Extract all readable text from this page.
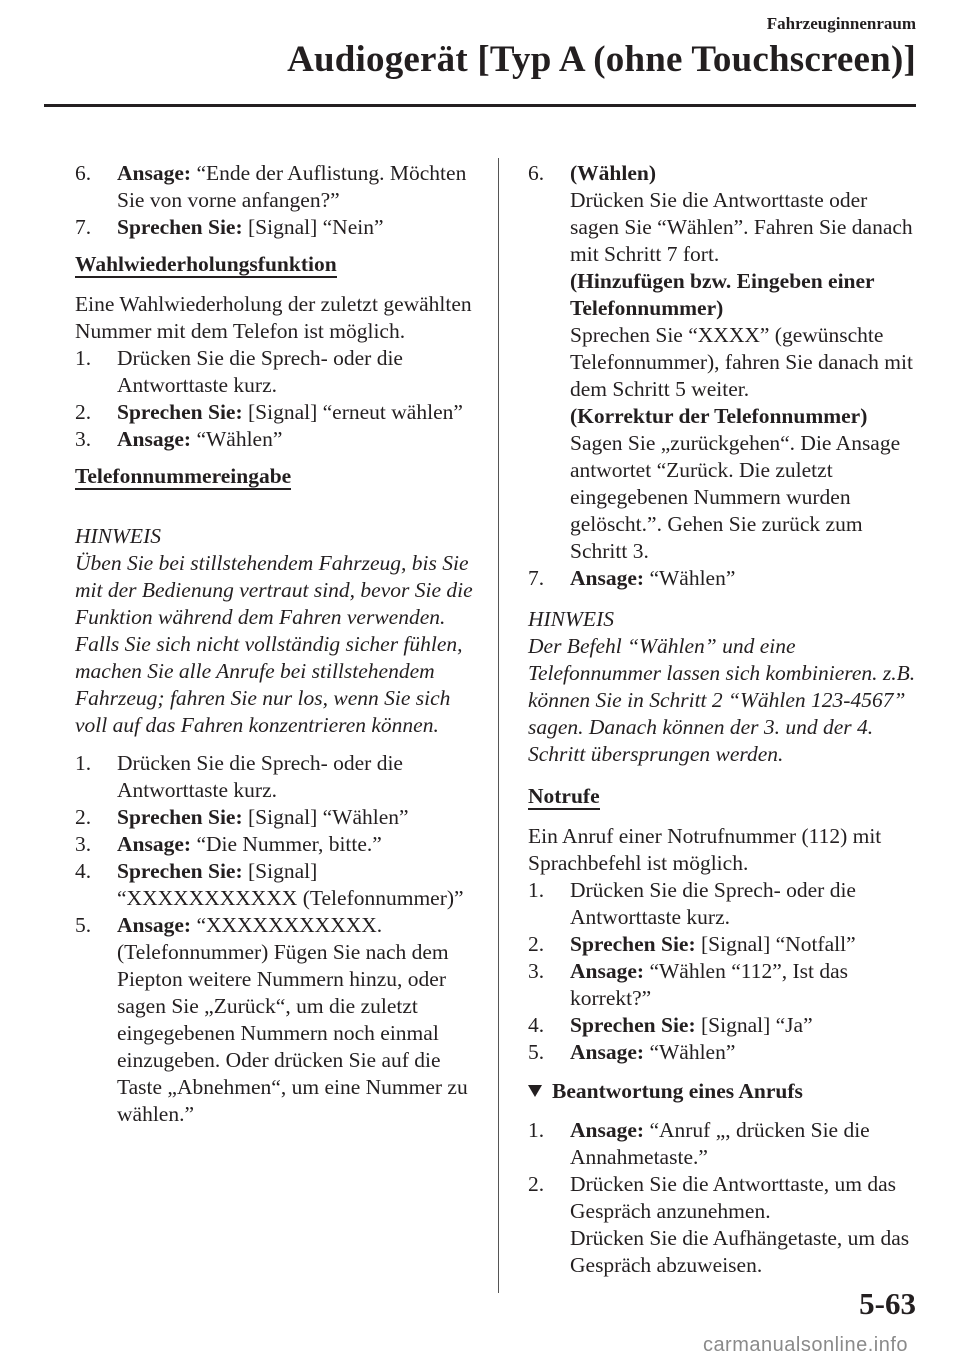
Fahrzeuginnenraum
Audiogerät [Typ A (ohne Touchscreen)]
6.	Ansage: “Ende der Auflistung. Möchten Sie von vorne anfangen?”
7.	Sprechen Sie: [Signal] “Nein”
Wahlwiederholungsfunktion

Eine Wahlwiederholung der zuletzt gewählten Nummer mit dem Telefon ist möglich.

1.	Drücken Sie die Sprech- oder die Antworttaste kurz.
2.	Sprechen Sie: [Signal] “erneut wählen”
3.	Ansage: “Wählen”
Telefonnummereingabe
HINWEIS

Üben Sie bei stillstehendem Fahrzeug, bis Sie mit der Bedienung vertraut sind, bevor Sie die Funktion während dem Fahren verwenden. Falls Sie sich nicht vollständig sicher fühlen, machen Sie alle Anrufe bei stillstehendem Fahrzeug; fahren Sie nur los, wenn Sie sich voll auf das Fahren konzentrieren können.

1.	Drücken Sie die Sprech- oder die Antworttaste kurz.
2.	Sprechen Sie: [Signal] “Wählen”
3.	Ansage: “Die Nummer, bitte.”
4.	Sprechen Sie: [Signal] “XXXXXXXXXXX (Telefonnummer)”
5.	Ansage: “XXXXXXXXXXX. (Telefonnummer) Fügen Sie nach dem Piepton weitere Nummern hinzu, oder sagen Sie „Zurück“, um die zuletzt eingegebenen Nummern noch einmal einzugeben. Oder drücken Sie auf die Taste „Abnehmen“, um eine Nummer zu wählen.”
6.	(Wählen)
Drücken Sie die Antworttaste oder sagen Sie “Wählen”. Fahren Sie danach mit Schritt 7 fort.
(Hinzufügen bzw. Eingeben einer Telefonnummer)
Sprechen Sie “XXXX” (gewünschte Telefonnummer), fahren Sie danach mit dem Schritt 5 weiter.
(Korrektur der Telefonnummer)
Sagen Sie „zurückgehen“. Die Ansage antwortet “Zurück. Die zuletzt eingegebenen Nummern wurden gelöscht.”. Gehen Sie zurück zum Schritt 3.
7.	Ansage: “Wählen”
HINWEIS

Der Befehl “Wählen” und eine Telefonnummer lassen sich kombinieren. z.B. können Sie in Schritt 2 “Wählen 123-4567” sagen. Danach können der 3. und der 4. Schritt übersprungen werden.

Notrufe

Ein Anruf einer Notrufnummer (112) mit Sprachbefehl ist möglich.

1.	Drücken Sie die Sprech- oder die Antworttaste kurz.
2.	Sprechen Sie: [Signal] “Notfall”
3.	Ansage: “Wählen “112”, Ist das korrekt?”
4.	Sprechen Sie: [Signal] “Ja”
5.	Ansage: “Wählen”
Beantwortung eines Anrufs
1.	Ansage: “Anruf „, drücken Sie die Annahmetaste.”
2.	Drücken Sie die Antworttaste, um das Gespräch anzunehmen.
Drücken Sie die Aufhängetaste, um das Gespräch abzuweisen.
5-63
carmanualsonline.info
